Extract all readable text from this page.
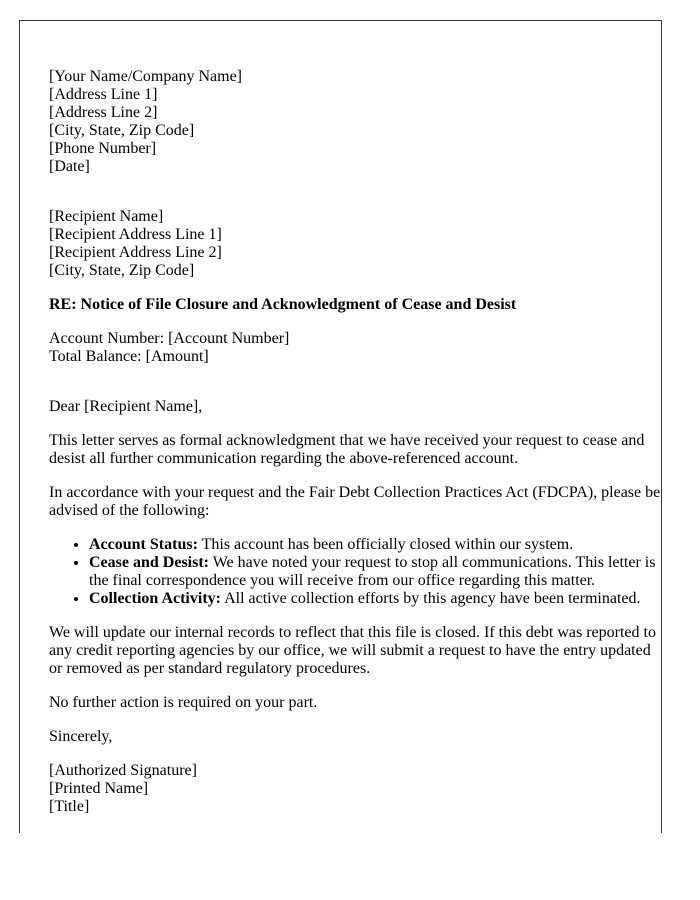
[Your Name/Company Name]
[Address Line 1]
[Address Line 2]
[City, State, Zip Code]
[Phone Number]
[Date]

[Recipient Name]
[Recipient Address Line 1]
[Recipient Address Line 2]
[City, State, Zip Code]

RE: Notice of File Closure and Acknowledgment of Cease and Desist

Account Number: [Account Number]
Total Balance: [Amount]

Dear [Recipient Name],

This letter serves as formal acknowledgment that we have received your request to cease and desist all further communication regarding the above-referenced account.

In accordance with your request and the Fair Debt Collection Practices Act (FDCPA), please be advised of the following:

• Account Status: This account has been officially closed within our system.
• Cease and Desist: We have noted your request to stop all communications. This letter is the final correspondence you will receive from our office regarding this matter.
• Collection Activity: All active collection efforts by this agency have been terminated.

We will update our internal records to reflect that this file is closed. If this debt was reported to any credit reporting agencies by our office, we will submit a request to have the entry updated or removed as per standard regulatory procedures.

No further action is required on your part.

Sincerely,

[Authorized Signature]
[Printed Name]
[Title]
